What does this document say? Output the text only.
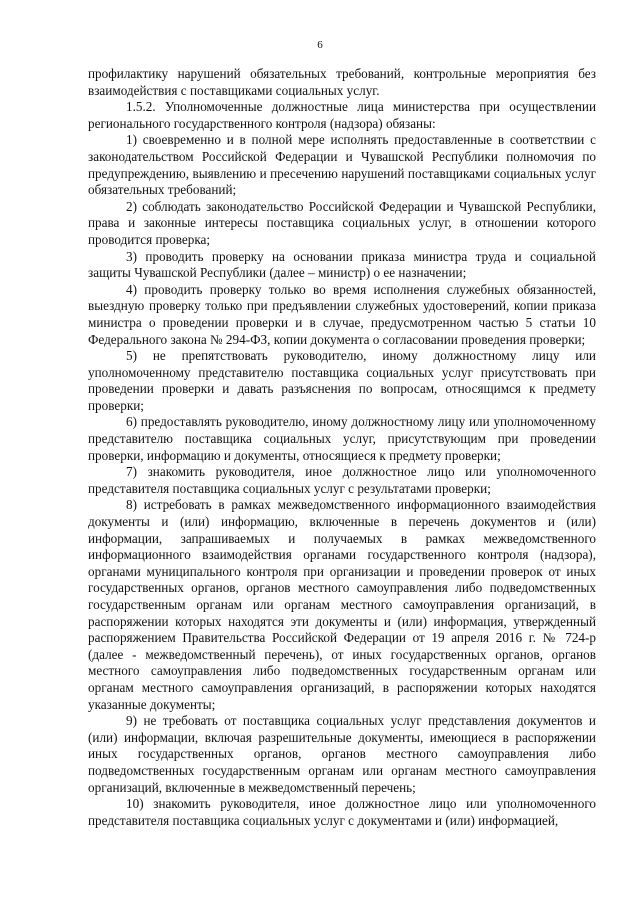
6

профилактику нарушений обязательных требований, контрольные мероприятия без взаимодействия с поставщиками социальных услуг.

1.5.2. Уполномоченные должностные лица министерства при осуществлении регионального государственного контроля (надзора) обязаны:

1) своевременно и в полной мере исполнять предоставленные в соответствии с законодательством Российской Федерации и Чувашской Республики полномочия по предупреждению, выявлению и пресечению нарушений поставщиками социальных услуг обязательных требований;

2) соблюдать законодательство Российской Федерации и Чувашской Республики, права и законные интересы поставщика социальных услуг, в отношении которого проводится проверка;

3) проводить проверку на основании приказа министра труда и социальной защиты Чувашской Республики (далее – министр) о ее назначении;

4) проводить проверку только во время исполнения служебных обязанностей, выездную проверку только при предъявлении служебных удостоверений, копии приказа министра о проведении проверки и в случае, предусмотренном частью 5 статьи 10 Федерального закона № 294-ФЗ, копии документа о согласовании проведения проверки;

5) не препятствовать руководителю, иному должностному лицу или уполномоченному представителю поставщика социальных услуг присутствовать при проведении проверки и давать разъяснения по вопросам, относящимся к предмету проверки;

6) предоставлять руководителю, иному должностному лицу или уполномоченному представителю поставщика социальных услуг, присутствующим при проведении проверки, информацию и документы, относящиеся к предмету проверки;

7) знакомить руководителя, иное должностное лицо или уполномоченного представителя поставщика социальных услуг с результатами проверки;

8) истребовать в рамках межведомственного информационного взаимодействия документы и (или) информацию, включенные в перечень документов и (или) информации, запрашиваемых и получаемых в рамках межведомственного информационного взаимодействия органами государственного контроля (надзора), органами муниципального контроля при организации и проведении проверок от иных государственных органов, органов местного самоуправления либо подведомственных государственным органам или органам местного самоуправления организаций, в распоряжении которых находятся эти документы и (или) информация, утвержденный распоряжением Правительства Российской Федерации от 19 апреля 2016 г. № 724-р (далее - межведомственный перечень), от иных государственных органов, органов местного самоуправления либо подведомственных государственным органам или органам местного самоуправления организаций, в распоряжении которых находятся указанные документы;

9) не требовать от поставщика социальных услуг представления документов и (или) информации, включая разрешительные документы, имеющиеся в распоряжении иных государственных органов, органов местного самоуправления либо подведомственных государственным органам или органам местного самоуправления организаций, включенные в межведомственный перечень;

10) знакомить руководителя, иное должностное лицо или уполномоченного представителя поставщика социальных услуг с документами и (или) информацией,
